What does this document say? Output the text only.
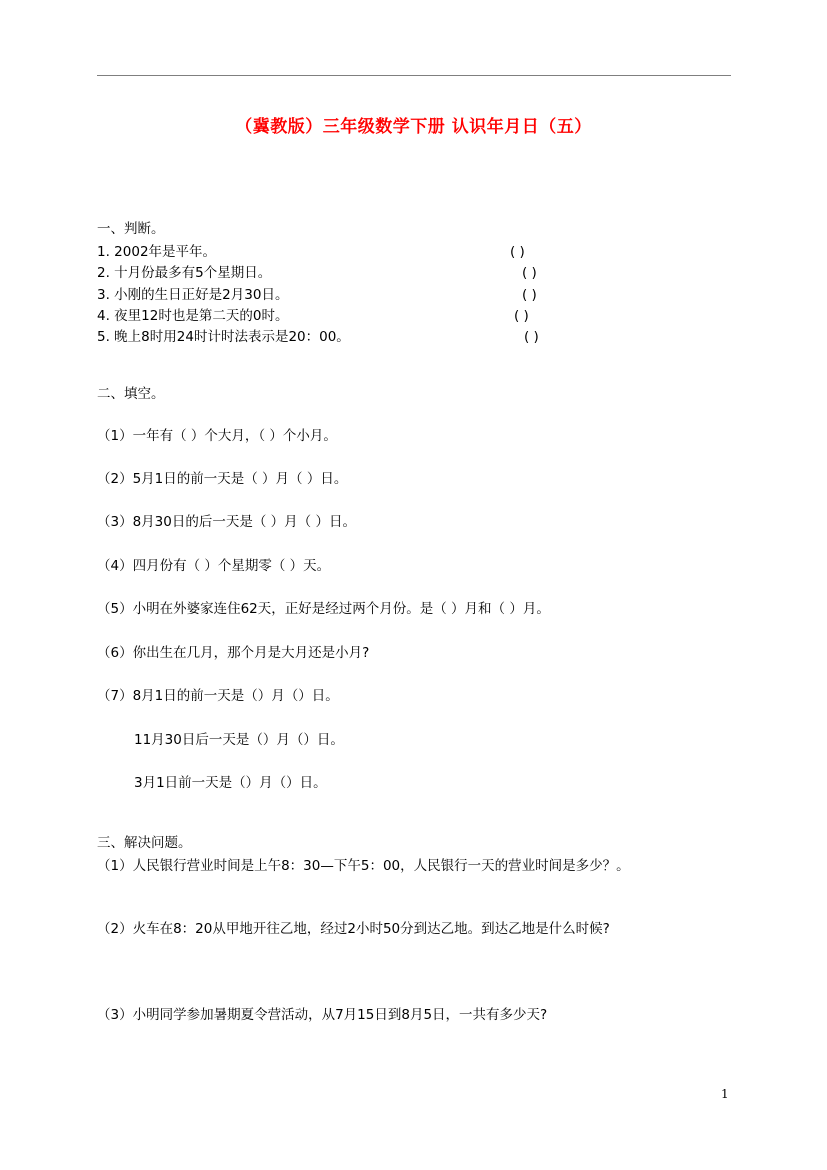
（冀教版）三年级数学下册 认识年月日（五）
一、判断。
1. 2002年是平年。	( )
2. 十月份最多有5个星期日。	( )
3. 小刚的生日正好是2月30日。	( )
4. 夜里12时也是第二天的0时。	( )
5. 晚上8时用24时计时法表示是20：00。	( )
二、填空。
（1）一年有（ ）个大月，（ ）个小月。
（2）5月1日的前一天是（ ）月（ ）日。
（3）8月30日的后一天是（ ）月（ ）日。
（4）四月份有（ ）个星期零（ ）天。
（5）小明在外婆家连住62天，正好是经过两个月份。是（ ）月和（ ）月。
（6）你出生在几月，那个月是大月还是小月?
（7）8月1日的前一天是（）月（）日。
11月30日后一天是（）月（）日。
3月1日前一天是（）月（）日。
三、解决问题。
（1）人民银行营业时间是上午8：30—下午5：00，人民银行一天的营业时间是多少？。
（2）火车在8：20从甲地开往乙地，经过2小时50分到达乙地。到达乙地是什么时候?
（3）小明同学参加暑期夏令营活动，从7月15日到8月5日，一共有多少天?
1
